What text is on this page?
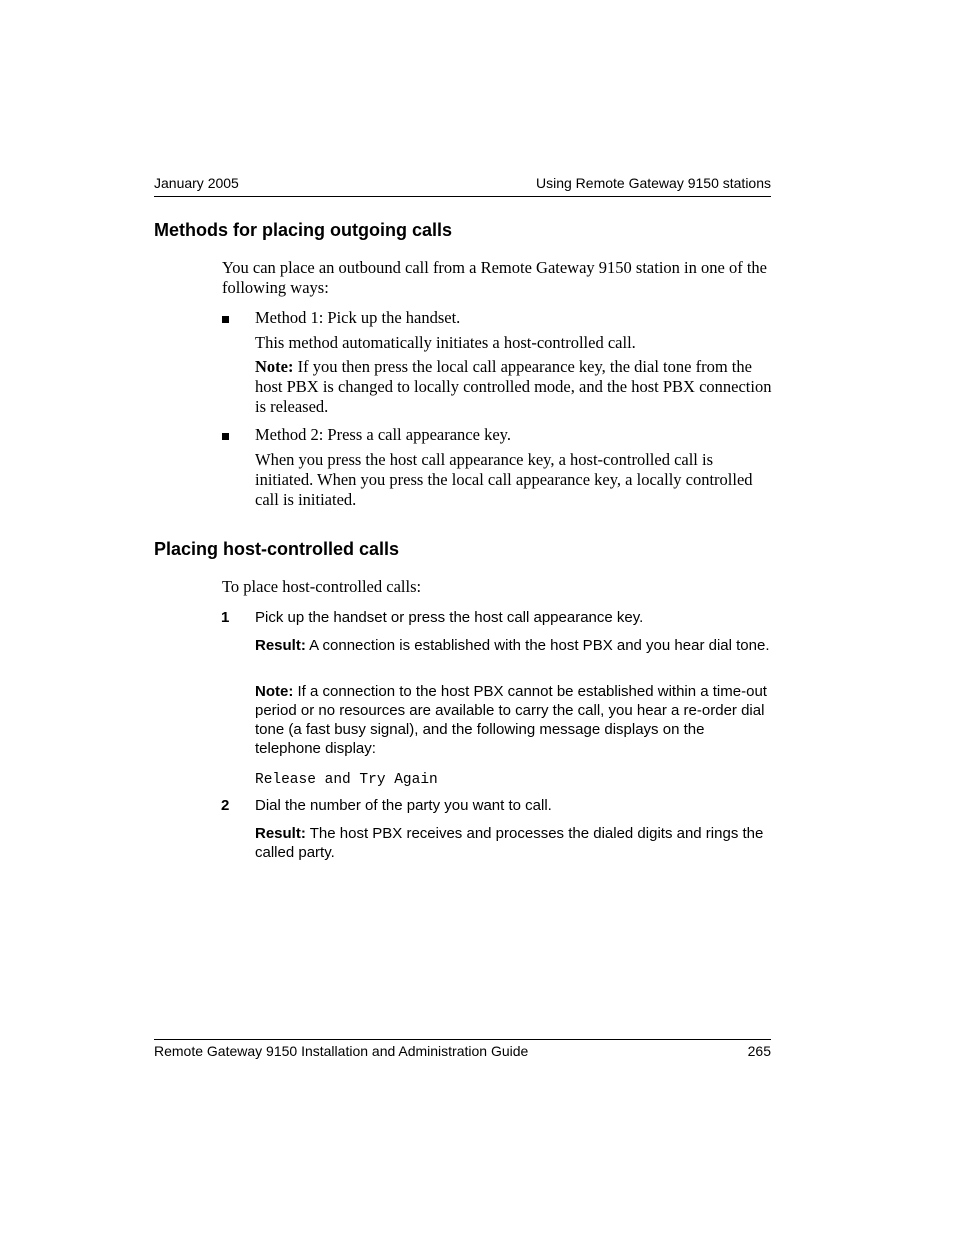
January 2005	Using Remote Gateway 9150 stations
Methods for placing outgoing calls
You can place an outbound call from a Remote Gateway 9150 station in one of the following ways:
Method 1: Pick up the handset.
This method automatically initiates a host-controlled call.
Note: If you then press the local call appearance key, the dial tone from the host PBX is changed to locally controlled mode, and the host PBX connection is released.
Method 2: Press a call appearance key.
When you press the host call appearance key, a host-controlled call is initiated. When you press the local call appearance key, a locally controlled call is initiated.
Placing host-controlled calls
To place host-controlled calls:
1 Pick up the handset or press the host call appearance key.
Result: A connection is established with the host PBX and you hear dial tone.
Note: If a connection to the host PBX cannot be established within a time-out period or no resources are available to carry the call, you hear a re-order dial tone (a fast busy signal), and the following message displays on the telephone display:
Release and Try Again
2 Dial the number of the party you want to call.
Result: The host PBX receives and processes the dialed digits and rings the called party.
Remote Gateway 9150 Installation and Administration Guide	265
